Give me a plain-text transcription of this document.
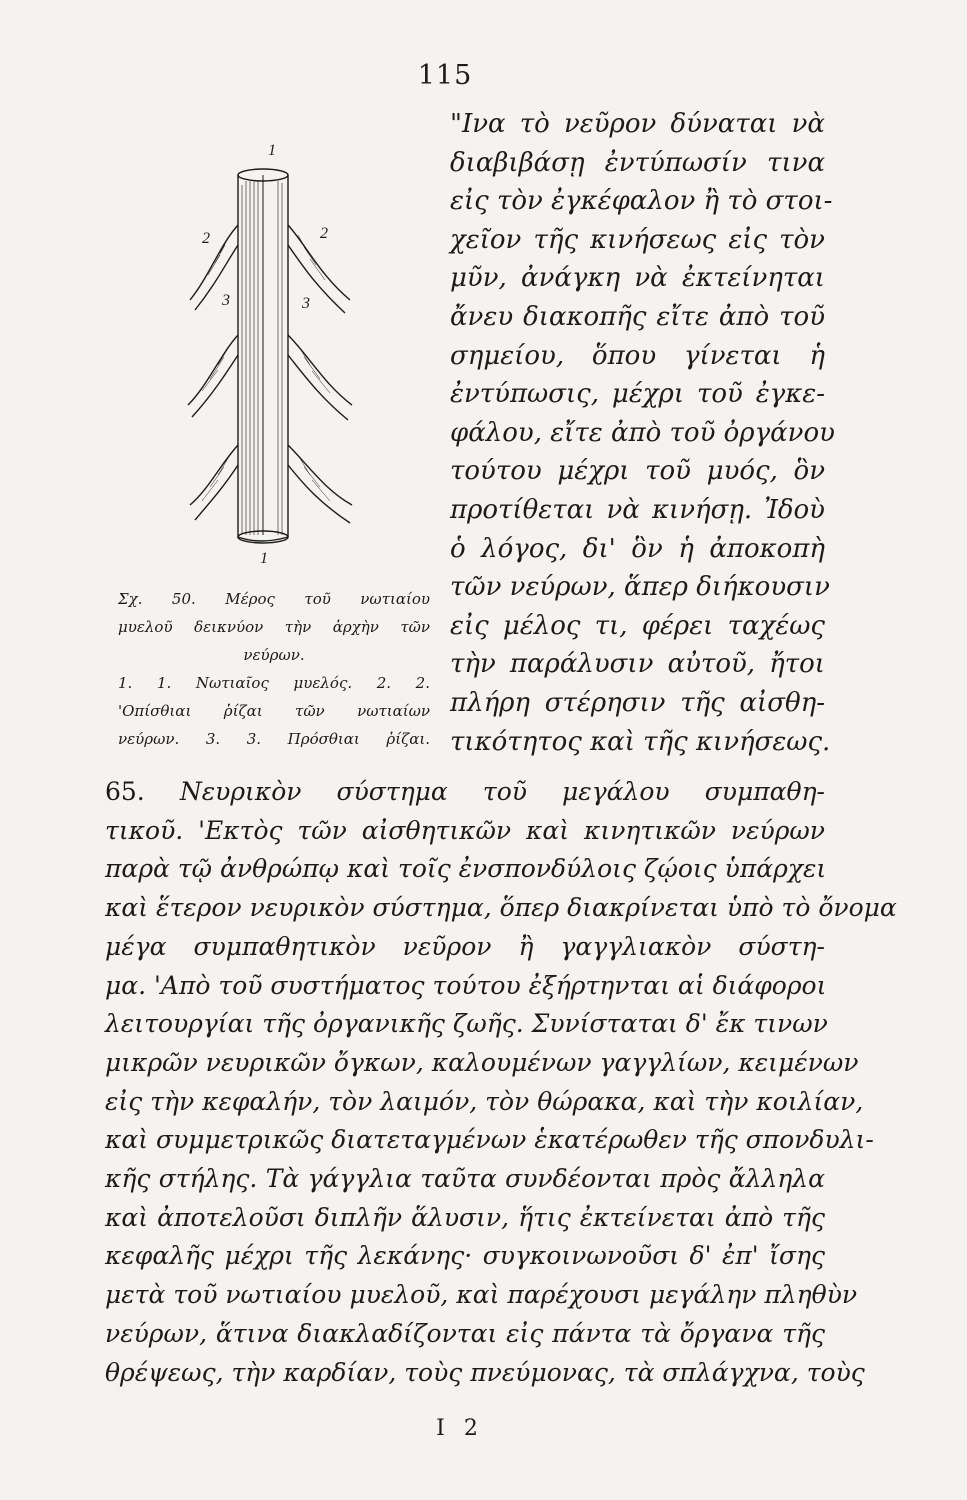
115
1
1
2	2
3	3
Σχ. 50. Μέρος τοῦ νωτιαίου
μυελοῦ δεικνύον τὴν ἀρχὴν τῶν
νεύρων.
1. 1. Νωτιαῖος μυελός. 2. 2.
'Οπίσθιαι ῥίζαι τῶν νωτιαίων
νεύρων. 3. 3. Πρόσθιαι ῥίζαι.
"Ινα τὸ νεῦρον δύναται νὰ
διαβιβάσῃ ἐντύπωσίν τινα
εἰς τὸν ἐγκέφαλον ἢ τὸ στοι-
χεῖον τῆς κινήσεως εἰς τὸν
μῦν, ἀνάγκη νὰ ἐκτείνηται
ἄνευ διακοπῆς εἴτε ἀπὸ τοῦ
σημείου, ὅπου γίνεται ἡ
ἐντύπωσις, μέχρι τοῦ ἐγκε-
φάλου, εἴτε ἀπὸ τοῦ ὀργάνου
τούτου μέχρι τοῦ μυός, ὃν
προτίθεται νὰ κινήσῃ. Ἰδοὺ
ὁ λόγος, δι' ὃν ἡ ἀποκοπὴ
τῶν νεύρων, ἅπερ διήκουσιν
εἰς μέλος τι, φέρει ταχέως
τὴν παράλυσιν αὐτοῦ, ἤτοι
πλήρη στέρησιν τῆς αἰσθη-
τικότητος καὶ τῆς κινήσεως.
65. Νευρικὸν σύστημα τοῦ μεγάλου συμπαθη-
τικοῦ. 'Εκτὸς τῶν αἰσθητικῶν καὶ κινητικῶν νεύρων
παρὰ τῷ ἀνθρώπῳ καὶ τοῖς ἐνσπονδύλοις ζῴοις ὑπάρχει
καὶ ἕτερον νευρικὸν σύστημα, ὅπερ διακρίνεται ὑπὸ τὸ ὄνομα
μέγα συμπαθητικὸν νεῦρον ἢ γαγγλιακὸν σύστη-
μα. 'Απὸ τοῦ συστήματος τούτου ἐξήρτηνται αἱ διάφοροι
λειτουργίαι τῆς ὀργανικῆς ζωῆς. Συνίσταται δ' ἔκ τινων
μικρῶν νευρικῶν ὄγκων, καλουμένων γαγγλίων, κειμένων
εἰς τὴν κεφαλήν, τὸν λαιμόν, τὸν θώρακα, καὶ τὴν κοιλίαν,
καὶ συμμετρικῶς διατεταγμένων ἑκατέρωθεν τῆς σπονδυλι-
κῆς στήλης. Τὰ γάγγλια ταῦτα συνδέονται πρὸς ἄλληλα
καὶ ἀποτελοῦσι διπλῆν ἅλυσιν, ἥτις ἐκτείνεται ἀπὸ τῆς
κεφαλῆς μέχρι τῆς λεκάνης· συγκοινωνοῦσι δ' ἐπ' ἴσης
μετὰ τοῦ νωτιαίου μυελοῦ, καὶ παρέχουσι μεγάλην πληθὺν
νεύρων, ἅτινα διακλαδίζονται εἰς πάντα τὰ ὄργανα τῆς
θρέψεως, τὴν καρδίαν, τοὺς πνεύμονας, τὰ σπλάγχνα, τοὺς
I 2
